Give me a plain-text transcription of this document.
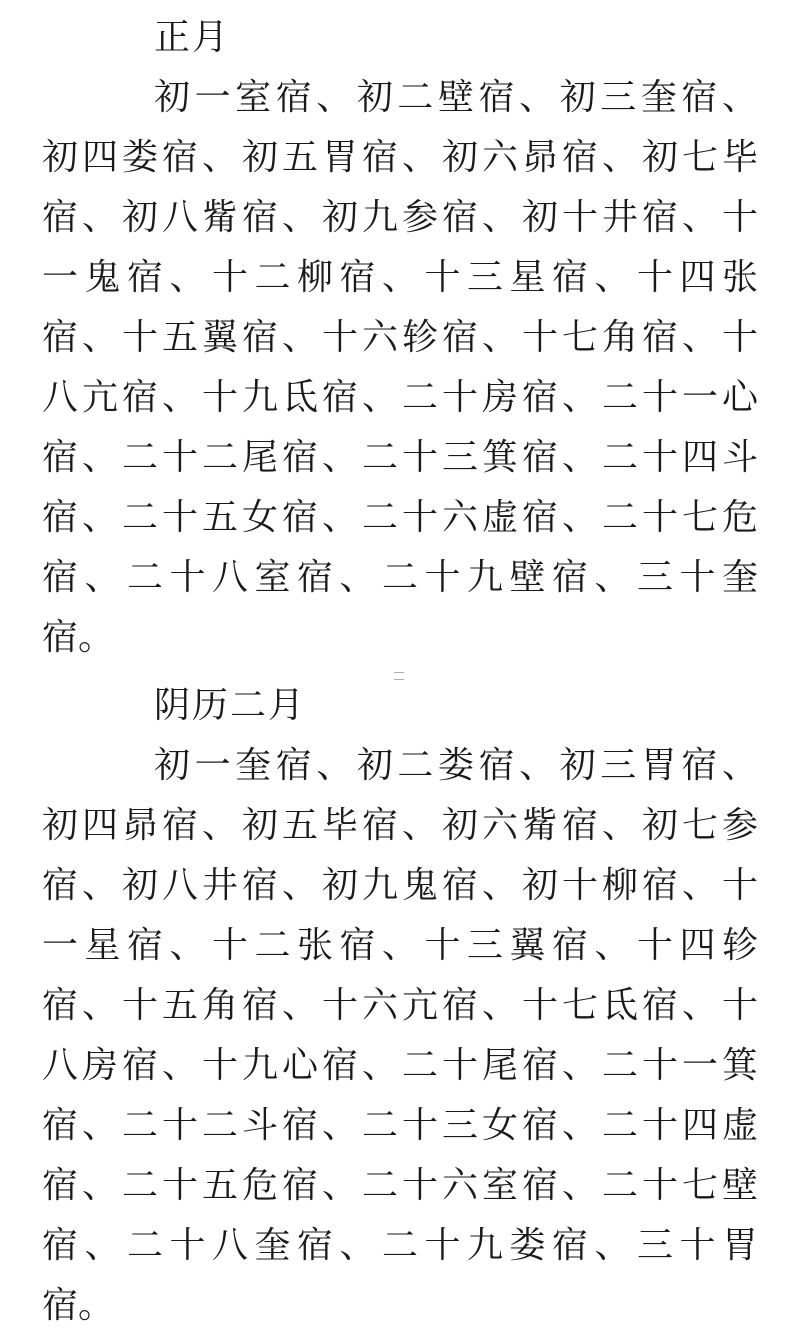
正月
初一室宿、初二壁宿、初三奎宿、
初四娄宿、初五胃宿、初六昴宿、初七毕
宿、初八觜宿、初九参宿、初十井宿、十
一鬼宿、十二柳宿、十三星宿、十四张
宿、十五翼宿、十六轸宿、十七角宿、十
八亢宿、十九氐宿、二十房宿、二十一心
宿、二十二尾宿、二十三箕宿、二十四斗
宿、二十五女宿、二十六虚宿、二十七危
宿、二十八室宿、二十九壁宿、三十奎
宿。
阴历二月
初一奎宿、初二娄宿、初三胃宿、
初四昴宿、初五毕宿、初六觜宿、初七参
宿、初八井宿、初九鬼宿、初十柳宿、十
一星宿、十二张宿、十三翼宿、十四轸
宿、十五角宿、十六亢宿、十七氐宿、十
八房宿、十九心宿、二十尾宿、二十一箕
宿、二十二斗宿、二十三女宿、二十四虚
宿、二十五危宿、二十六室宿、二十七壁
宿、二十八奎宿、二十九娄宿、三十胃
宿。
